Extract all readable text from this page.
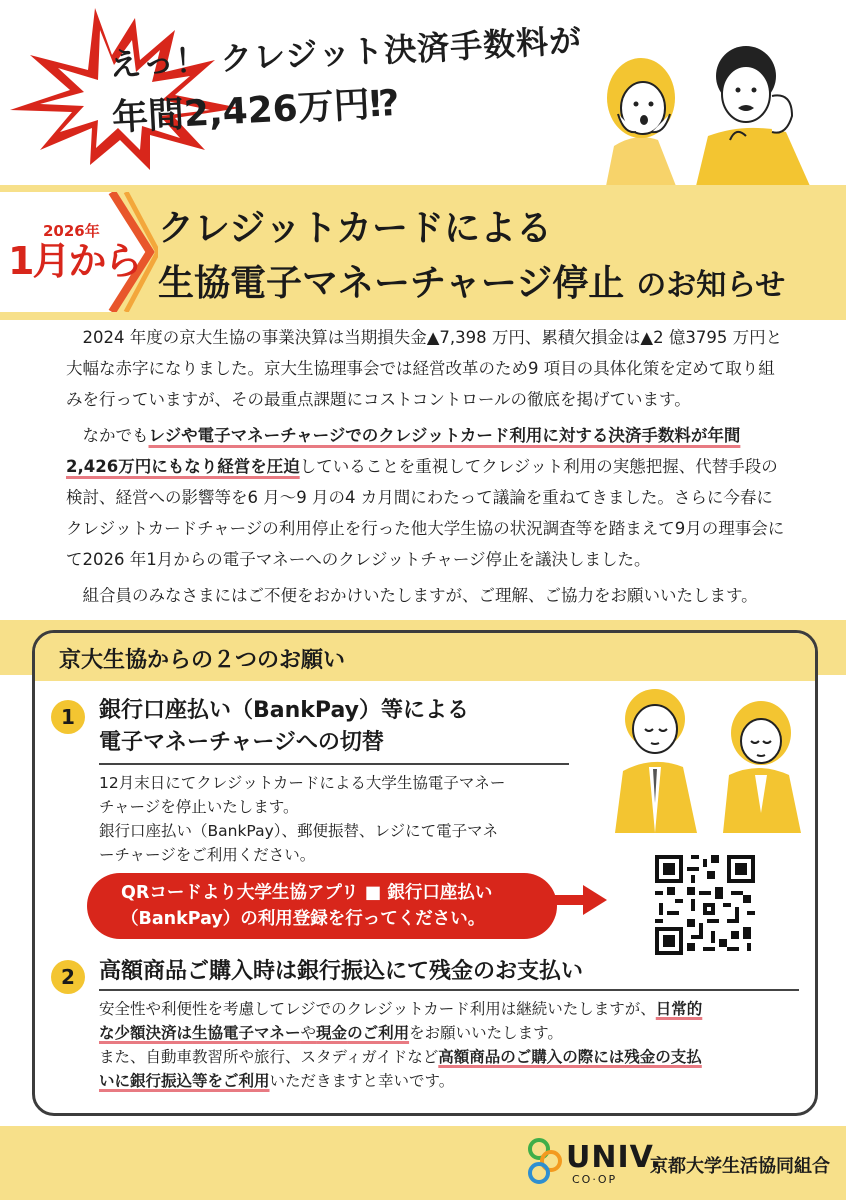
えっ！ クレジット決済手数料が
年間2,426万円⁉
2026年
1月から
クレジットカードによる
生協電子マネーチャージ停止 のお知らせ

2024 年度の京大生協の事業決算は当期損失金▲7,398 万円、累積欠損金は▲2 億3795 万円と大幅な赤字になりました。京大生協理事会では経営改革のため9 項目の具体化策を定めて取り組みを行っていますが、その最重点課題にコストコントロールの徹底を掲げています。

なかでもレジや電子マネーチャージでのクレジットカード利用に対する決済手数料が年間2,426万円にもなり経営を圧迫していることを重視してクレジット利用の実態把握、代替手段の検討、経営への影響等を6 月～9 月の4 カ月間にわたって議論を重ねてきました。さらに今春にクレジットカードチャージの利用停止を行った他大学生協の状況調査等を踏まえて9月の理事会にて2026 年1月からの電子マネーへのクレジットチャージ停止を議決しました。

組合員のみなさまにはご不便をおかけいたしますが、ご理解、ご協力をお願いいたします。

京大生協からの２つのお願い
1	銀行口座払い（BankPay）等による
電子マネーチャージへの切替
12月末日にてクレジットカードによる大学生協電子マネー
チャージを停止いたします。
銀行口座払い（BankPay）、郵便振替、レジにて電子マネ
ーチャージをご利用ください。
QRコードより大学生協アプリ ■ 銀行口座払い
（BankPay）の利用登録を行ってください。
2	高額商品ご購入時は銀行振込にて残金のお支払い
安全性や利便性を考慮してレジでのクレジットカード利用は継続いたしますが、日常的
な少額決済は生協電子マネーや現金のご利用をお願いいたします。
また、自動車教習所や旅行、スタディガイドなど高額商品のご購入の際には残金の支払
いに銀行振込等をご利用いただきますと幸いです。
UNIV.
CO·OP
京都大学生活協同組合
